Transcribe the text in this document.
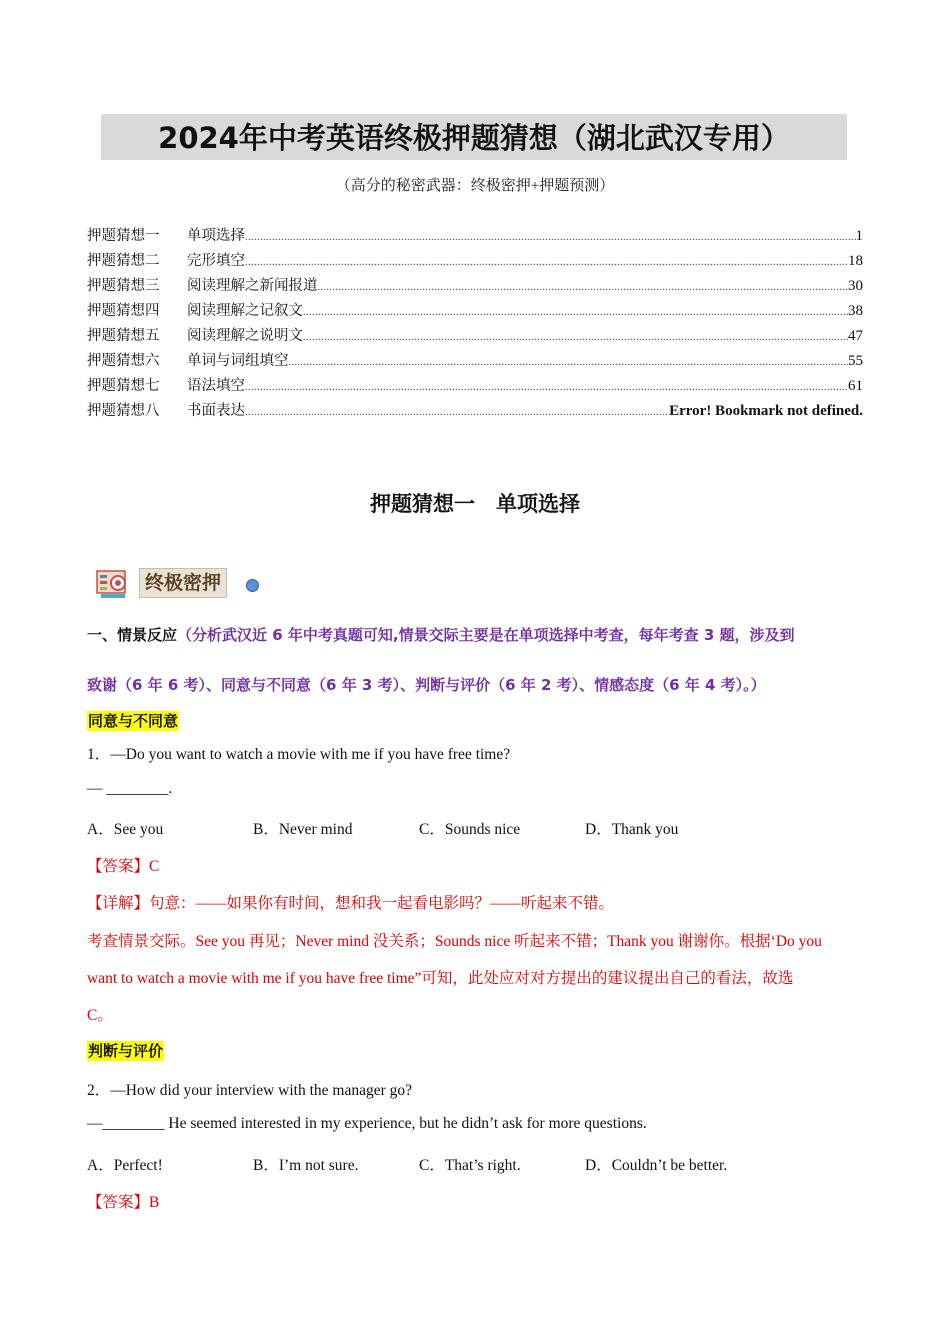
2024年中考英语终极押题猜想（湖北武汉专用）
（高分的秘密武器：终极密押+押题预测）
押题猜想一	单项选择 .....	1
押题猜想二	完形填空 .....	18
押题猜想三	阅读理解之新闻报道 .....	30
押题猜想四	阅读理解之记叙文 .....	38
押题猜想五	阅读理解之说明文 .....	47
押题猜想六	单词与词组填空 .....	55
押题猜想七	语法填空 .....	61
押题猜想八	书面表达 .....	Error! Bookmark not defined.
押题猜想一　单项选择
终极密押
一、情景反应（分析武汉近 6 年中考真题可知,情景交际主要是在单项选择中考查，每年考查 3 题，涉及到
致谢（6 年 6 考）、同意与不同意（6 年 3 考）、判断与评价（6 年 2 考）、情感态度（6 年 4 考）。）
同意与不同意
1．—Do you want to watch a movie with me if you have free time?
— ________.
A．See you	B．Never mind	C．Sounds nice	D．Thank you
【答案】C
【详解】句意：——如果你有时间，想和我一起看电影吗？——听起来不错。
考查情景交际。See you 再见；Never mind 没关系；Sounds nice 听起来不错；Thank you 谢谢你。根据‘Do you
want to watch a movie with me if you have free time”可知，此处应对对方提出的建议提出自己的看法，故选
C。
判断与评价
2．—How did your interview with the manager go?
—________ He seemed interested in my experience, but he didn’t ask for more questions.
A．Perfect!	B．I’m not sure.	C．That’s right.	D．Couldn’t be better.
【答案】B
